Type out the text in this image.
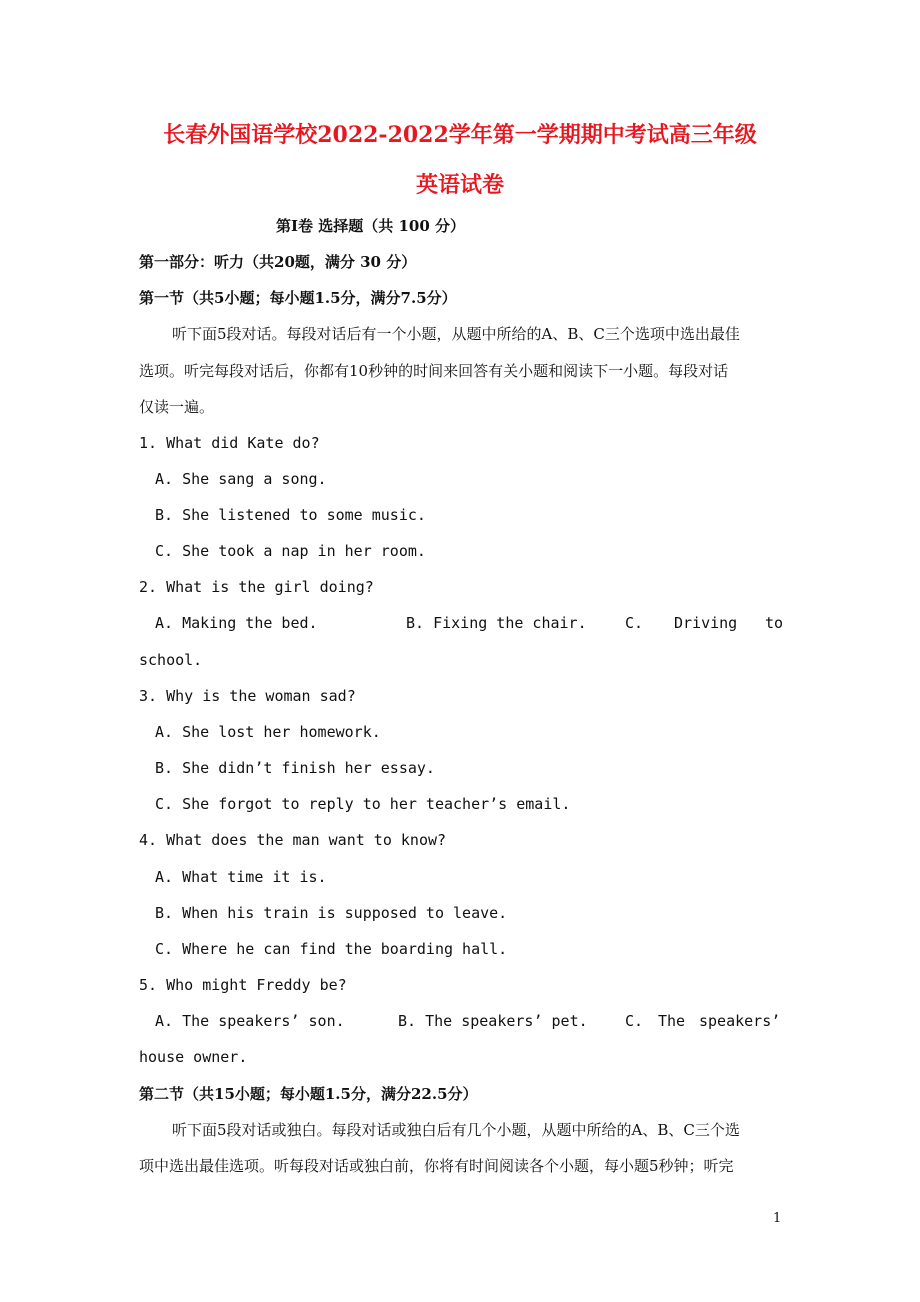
长春外国语学校2022-2022学年第一学期期中考试高三年级
英语试卷
第Ⅰ卷 选择题（共 100 分）
第一部分：听力（共20题，满分 30 分）
第一节（共5小题；每小题1.5分，满分7.5分）
听下面5段对话。每段对话后有一个小题，从题中所给的A、B、C三个选项中选出最佳
选项。听完每段对话后，你都有10秒钟的时间来回答有关小题和阅读下一小题。每段对话
仅读一遍。
1. What did Kate do?
A. She sang a song.
B. She listened to some music.
C. She took a nap in her room.
2. What is the girl doing?
A. Making the bed.	B. Fixing the chair.	C. Driving to
school.
3. Why is the woman sad?
A. She lost her homework.
B. She didn’t finish her essay.
C. She forgot to reply to her teacher’s email.
4. What does the man want to know?
A. What time it is.
B. When his train is supposed to leave.
C. Where he can find the boarding hall.
5. Who might Freddy be?
A. The speakers’ son.	B. The speakers’ pet. C. The speakers’
house owner.
第二节（共15小题；每小题1.5分，满分22.5分）
听下面5段对话或独白。每段对话或独白后有几个小题，从题中所给的A、B、C三个选
项中选出最佳选项。听每段对话或独白前，你将有时间阅读各个小题，每小题5秒钟；听完
1
